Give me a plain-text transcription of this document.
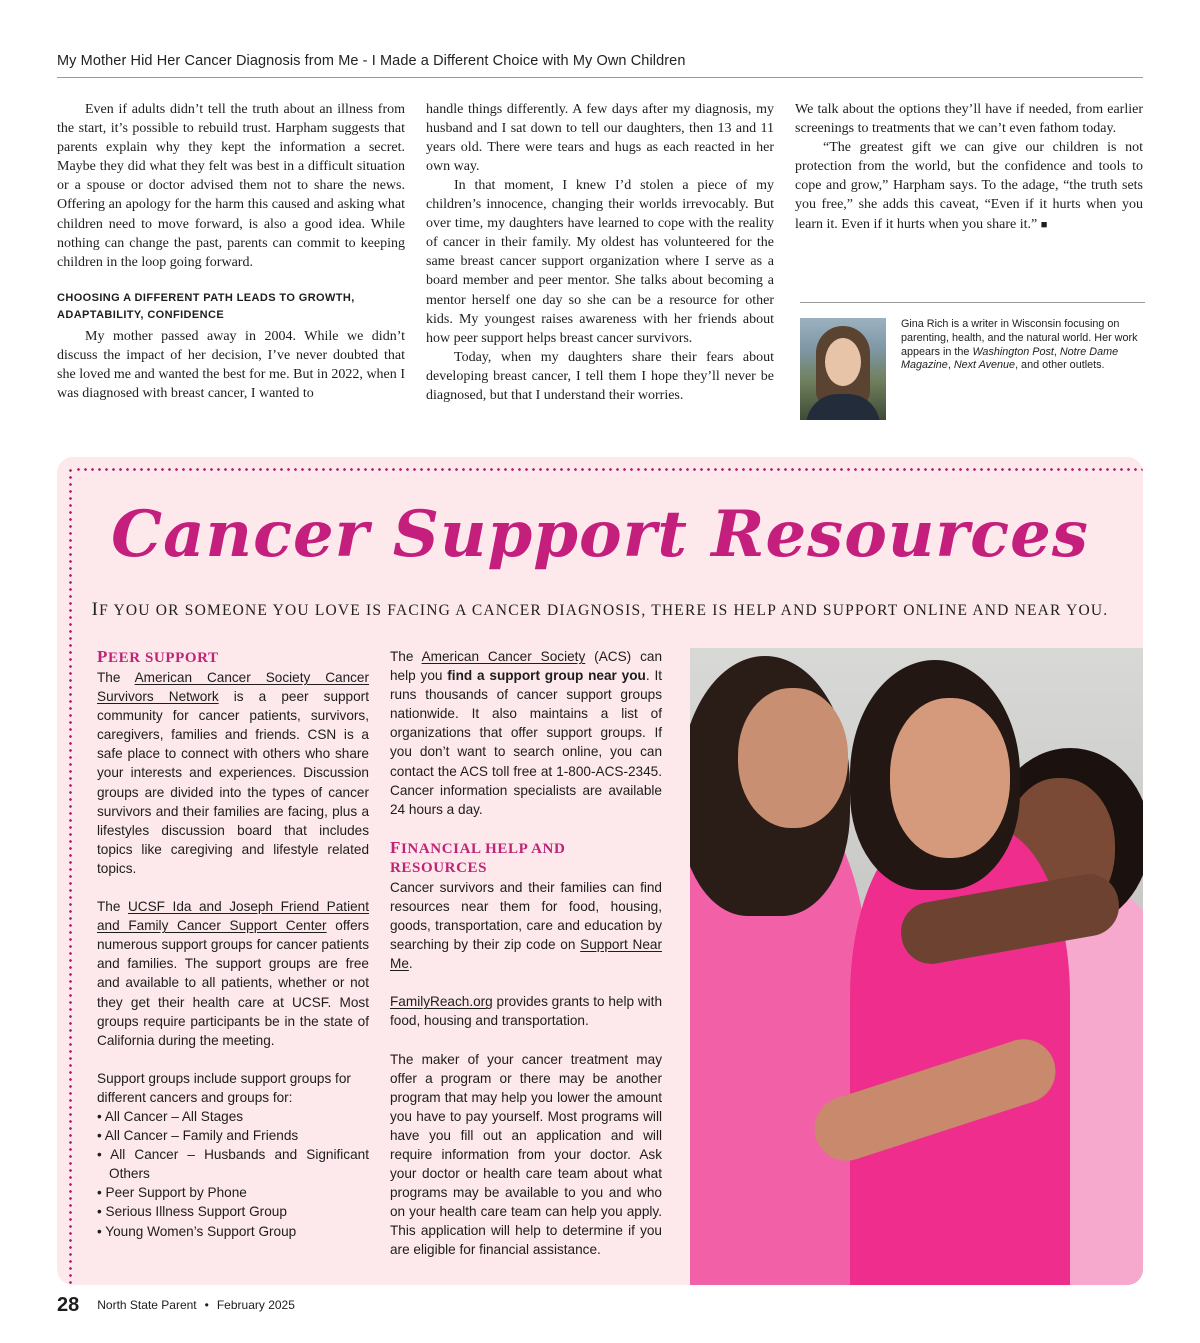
My Mother Hid Her Cancer Diagnosis from Me - I Made a Different Choice with My Own Children

Even if adults didn’t tell the truth about an illness from the start, it’s possible to rebuild trust. Harpham suggests that parents explain why they kept the information a secret. Maybe they did what they felt was best in a difficult situation or a spouse or doctor advised them not to share the news. Offering an apology for the harm this caused and asking what children need to move forward, is also a good idea. While nothing can change the past, parents can commit to keeping children in the loop going forward.

CHOOSING A DIFFERENT PATH LEADS TO GROWTH, ADAPTABILITY, CONFIDENCE

My mother passed away in 2004. While we didn’t discuss the impact of her decision, I’ve never doubted that she loved me and wanted the best for me. But in 2022, when I was diagnosed with breast cancer, I wanted to

In that moment, I knew I’d stolen a piece of my children’s innocence, changing their worlds irrevocably. But over time, my daughters have learned to cope with the reality of cancer in their family. My oldest has volunteered for the same breast cancer support organization where I serve as a board member and peer mentor. She talks about becoming a mentor herself one day so she can be a resource for other kids. My youngest raises awareness with her friends about how peer support helps breast cancer survivors.

Today, when my daughters share their fears about developing breast cancer, I tell them I hope they’ll never be diagnosed, but that I understand their worries.

handle things differently. A few days after my diagnosis, my husband and I sat down to tell our daughters, then 13 and 11 years old. There were tears and hugs as each reacted in her own way.

We talk about the options they’ll have if needed, from earlier screenings to treatments that we can’t even fathom today.

“The greatest gift we can give our children is not protection from the world, but the confidence and tools to cope and grow,” Harpham says. To the adage, “the truth sets you free,” she adds this caveat, “Even if it hurts when you learn it. Even if it hurts when you share it.” ■

Gina Rich is a writer in Wisconsin focusing on parenting, health, and the natural world. Her work appears in the Washington Post, Notre Dame Magazine, Next Avenue, and other outlets.
Cancer Support Resources
IF YOU OR SOMEONE YOU LOVE IS FACING A CANCER DIAGNOSIS, THERE IS HELP AND SUPPORT ONLINE AND NEAR YOU.
PEER SUPPORT

The American Cancer Society Cancer Survivors Network is a peer support community for cancer patients, survivors, caregivers, families and friends. CSN is a safe place to connect with others who share your interests and experiences. Discussion groups are divided into the types of cancer survivors and their families are facing, plus a lifestyles discussion board that includes topics like caregiving and lifestyle related topics.

The UCSF Ida and Joseph Friend Patient and Family Cancer Support Center offers numerous support groups for cancer patients and families. The support groups are free and available to all patients, whether or not they get their health care at UCSF. Most groups require participants be in the state of California during the meeting.

Support groups include support groups for different cancers and groups for:

• All Cancer – All Stages
• All Cancer – Family and Friends
• All Cancer – Husbands and Significant Others
• Peer Support by Phone
• Serious Illness Support Group
• Young Women’s Support Group

The American Cancer Society (ACS) can help you find a support group near you. It runs thousands of cancer support groups nationwide. It also maintains a list of organizations that offer support groups. If you don’t want to search online, you can contact the ACS toll free at 1-800-ACS-2345. Cancer information specialists are available 24 hours a day.

FINANCIAL HELP AND RESOURCES

Cancer survivors and their families can find resources near them for food, housing, goods, transportation, care and education by searching by their zip code on Support Near Me.

FamilyReach.org provides grants to help with food, housing and transportation.

The maker of your cancer treatment may offer a program or there may be another program that may help you lower the amount you have to pay yourself. Most programs will have you fill out an application and will require information from your doctor. Ask your doctor or health care team about what programs may be available to you and who on your health care team can help you apply. This application will help to determine if you are eligible for financial assistance.

28 North State Parent • February 2025
